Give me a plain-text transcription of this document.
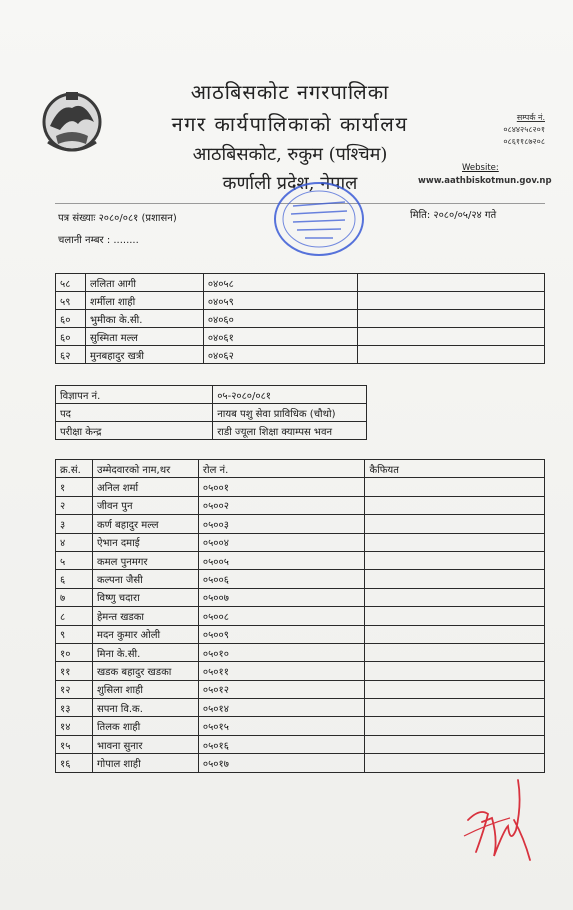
आठबिसकोट नगरपालिका
नगर कार्यपालिकाको कार्यालय
आठबिसकोट, रुकुम (पश्चिम)
कर्णाली प्रदेश, नेपाल
सम्पर्क नं.
०८४४२५८२०१
०८६११८७२०८
Website:
www.aathbiskotmun.gov.np
पत्र संख्याः २०८०/०८१ (प्रशासन)
चलानी नम्बर : ........
मिति: २०८०/०५/२४ गते
५८	ललिता आगी	०४०५८	
५९	शर्मीला शाही	०४०५९	
६०	भुमीका के.सी.	०४०६०	
६०	सुस्मिता मल्ल	०४०६१	
६२	मुनबहादुर खत्री	०४०६२	
विज्ञापन नं.	०५-२०८०/०८१
पद	नायब पशु सेवा प्राविधिक (चौथो)
परीक्षा केन्द्र	राडी ज्यूला शिक्षा क्याम्पस भवन
क्र.सं.	उम्मेदवारको नाम,थर	रोल नं.	कैफियत
१	अनिल शर्मा	०५००१	
२	जीवन पुन	०५००२	
३	कर्ण बहादुर मल्ल	०५००३	
४	ऐभान दमाई	०५००४	
५	कमल पुनमगर	०५००५	
६	कल्पना जैसी	०५००६	
७	विष्णु चदारा	०५००७	
८	हेमन्त खडका	०५००८	
९	मदन कुमार ओली	०५००९	
१०	मिना के.सी.	०५०१०	
११	खडक बहादुर खडका	०५०११	
१२	शुसिला शाही	०५०१२	
१३	सपना वि.क.	०५०१४	
१४	तिलक शाही	०५०१५	
१५	भावना सुनार	०५०१६	
१६	गोपाल शाही	०५०१७	
